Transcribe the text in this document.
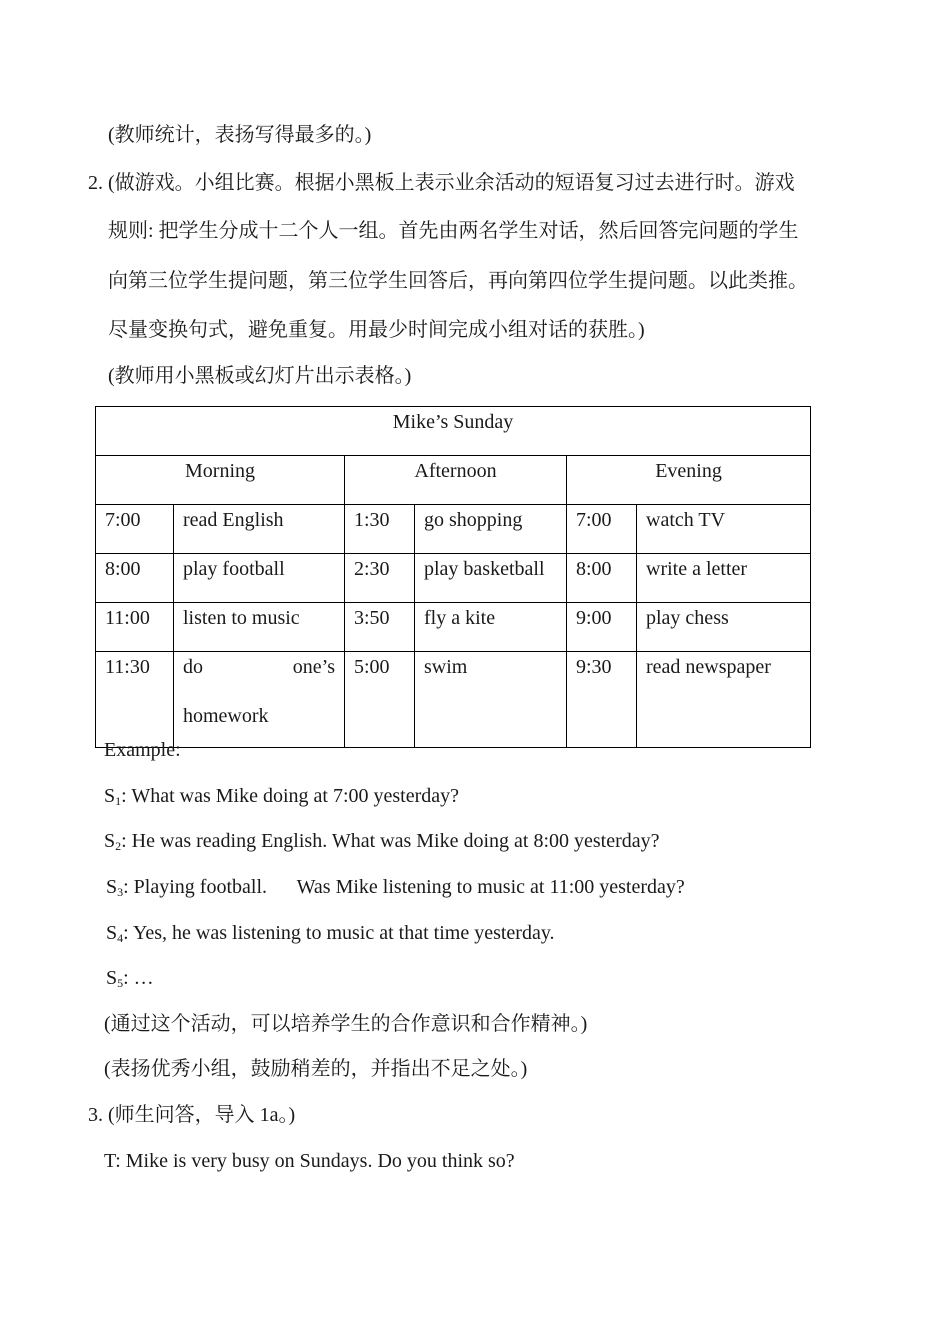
(教师统计，表扬写得最多的。)
2. (做游戏。小组比赛。根据小黑板上表示业余活动的短语复习过去进行时。游戏
规则: 把学生分成十二个人一组。首先由两名学生对话，然后回答完问题的学生
向第三位学生提问题，第三位学生回答后，再向第四位学生提问题。以此类推。
尽量变换句式，避免重复。用最少时间完成小组对话的获胜。)
(教师用小黑板或幻灯片出示表格。)
Mike’s Sunday					
Morning		Afternoon		Evening	
7:00	read English	1:30	go shopping	7:00	watch TV
8:00	play football	2:30	play basketball	8:00	write a letter
11:00	listen to music	3:50	fly a kite	9:00	play chess
11:30	do one’s
homework	5:00	swim	9:30	read newspaper
Example:
$S_1$: What was Mike doing at 7:00 yesterday?
$S_2$: He was reading English. What was Mike doing at 8:00 yesterday?
$S_3$: Playing football.      Was Mike listening to music at 11:00 yesterday?
$S_4$: Yes, he was listening to music at that time yesterday.
$S_5$: …
(通过这个活动，可以培养学生的合作意识和合作精神。)
(表扬优秀小组，鼓励稍差的，并指出不足之处。)
3. (师生问答，导入 1a。)
T: Mike is very busy on Sundays. Do you think so?
